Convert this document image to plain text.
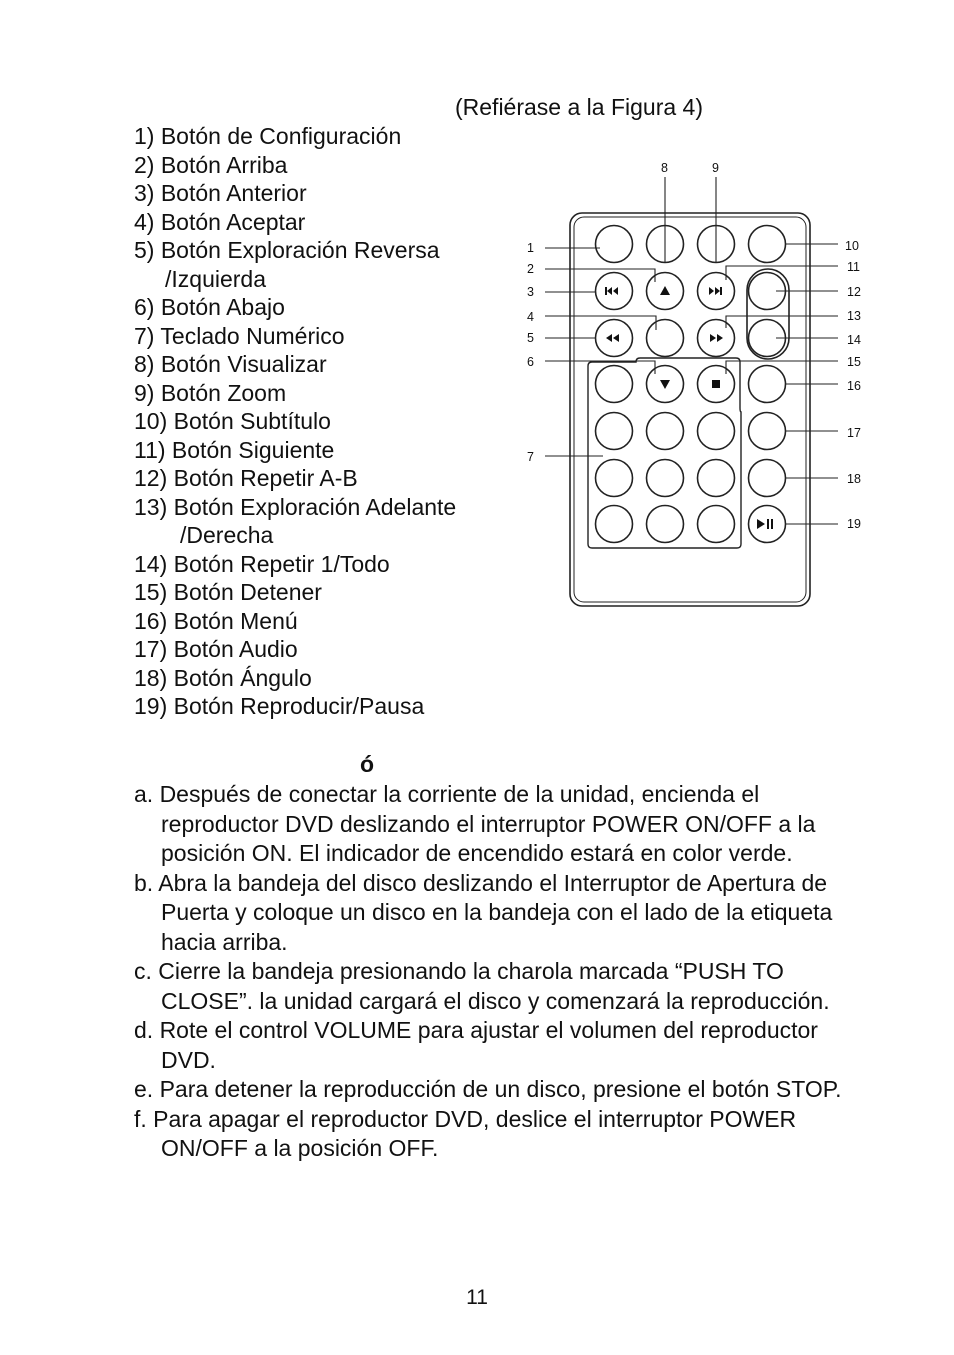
(Refiérase a la Figura 4)
1) Botón de Configuración
2) Botón Arriba
3) Botón Anterior
4) Botón Aceptar
5) Botón Exploración Reversa
/Izquierda
6) Botón Abajo
7) Teclado Numérico
8) Botón Visualizar
9) Botón Zoom
10) Botón Subtítulo
11) Botón Siguiente
12) Botón Repetir A-B
13) Botón Exploración Adelante
/Derecha
14) Botón Repetir 1/Todo
15) Botón Detener
16) Botón Menú
17) Botón Audio
18) Botón Ángulo
19) Botón Reproducir/Pausa
1
2
3
4
5
6
7
8	9
10
11
12
13
14
15
16
17
18
19
ó
a. Después de conectar la corriente de la unidad, encienda el reproductor DVD deslizando el interruptor POWER ON/OFF a la posición ON. El indicador de encendido estará en color verde.
b. Abra la bandeja del disco deslizando el Interruptor de Apertura de Puerta y coloque un disco en la bandeja con el lado de la etiqueta hacia arriba.
c. Cierre la bandeja presionando la charola marcada “PUSH TO CLOSE”. la unidad cargará el disco y comenzará la reproducción.
d. Rote el control VOLUME para ajustar el volumen del reproductor DVD.
e. Para detener la reproducción de un disco, presione el botón STOP.
f. Para apagar el reproductor DVD, deslice el interruptor POWER ON/OFF a la posición OFF.
11
